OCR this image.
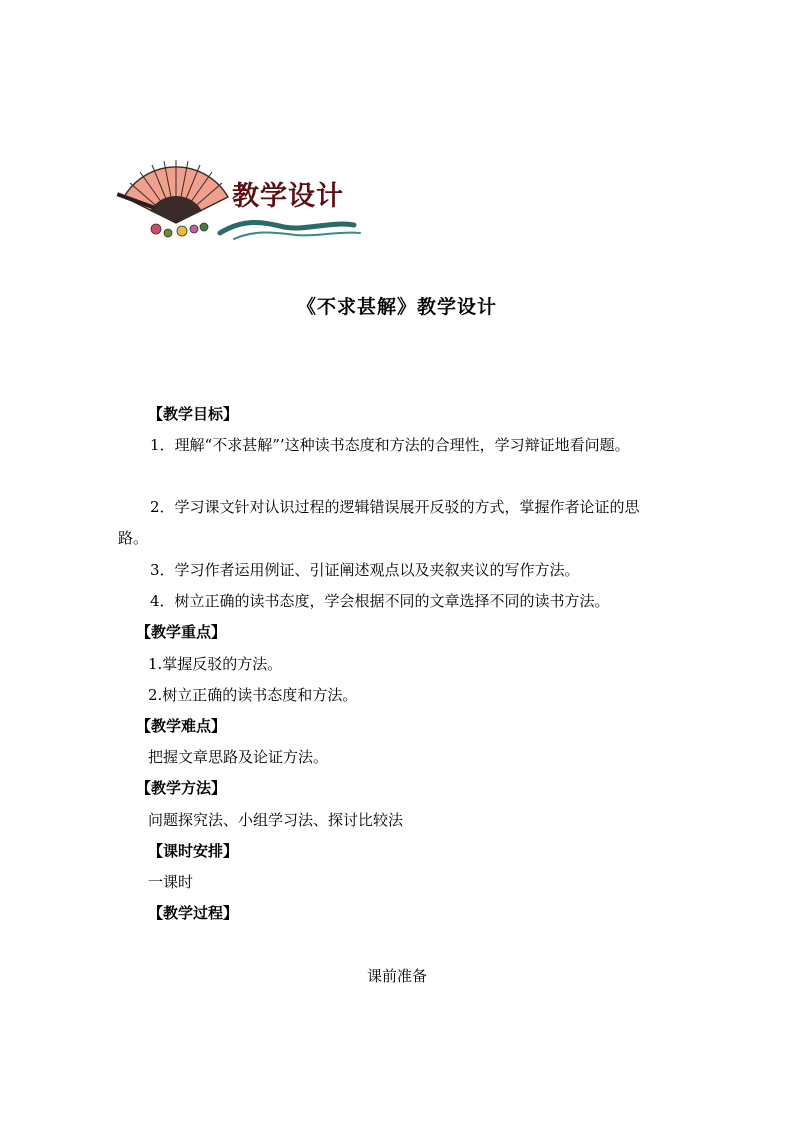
教学设计
《不求甚解》教学设计
【教学目标】
1．理解“不求甚解”’这种读书态度和方法的合理性，学习辩证地看问题。
2．学习课文针对认识过程的逻辑错误展开反驳的方式，掌握作者论证的思
路。
3．学习作者运用例证、引证阐述观点以及夹叙夹议的写作方法。
4．树立正确的读书态度，学会根据不同的文章选择不同的读书方法。
【教学重点】
1.掌握反驳的方法。
2.树立正确的读书态度和方法。
【教学难点】
把握文章思路及论证方法。
【教学方法】
问题探究法、小组学习法、探讨比较法
【课时安排】
一课时
【教学过程】
课前准备
